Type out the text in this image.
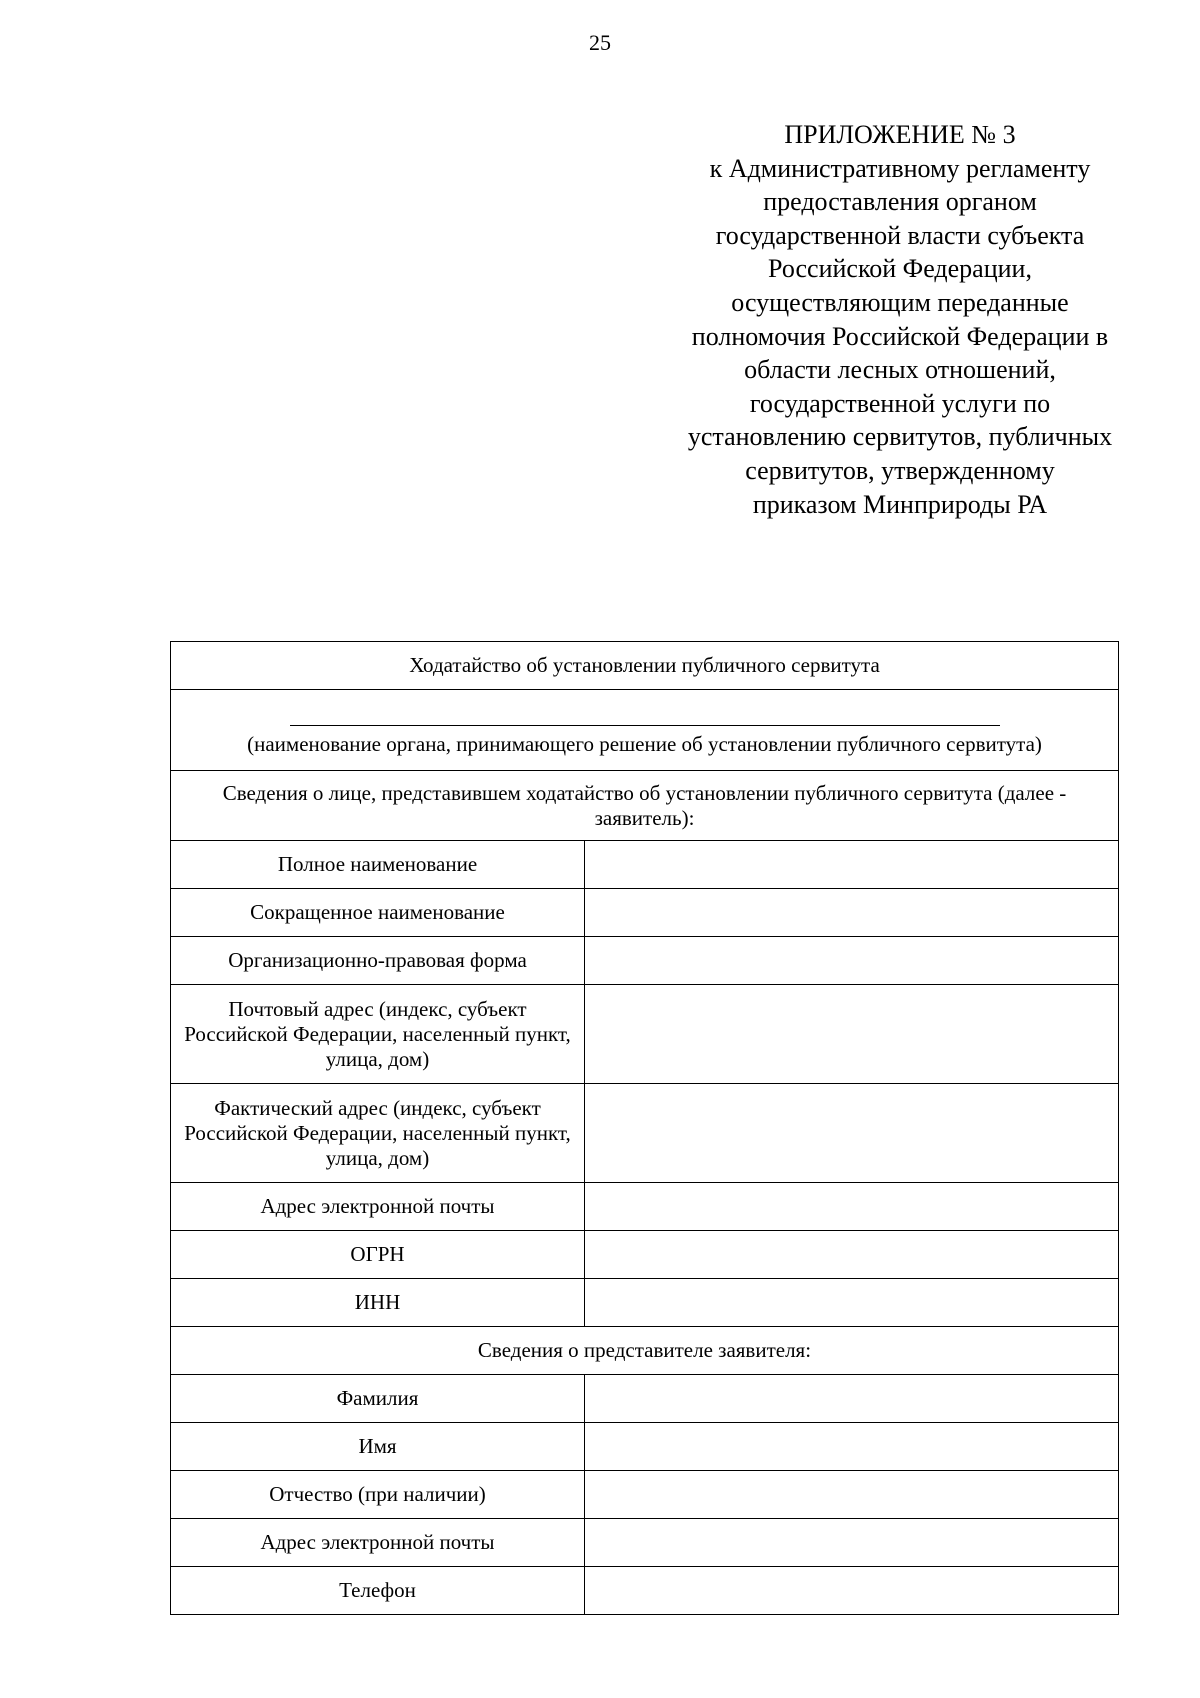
25
ПРИЛОЖЕНИЕ № 3
к Административному регламенту
предоставления органом
государственной власти субъекта
Российской Федерации,
осуществляющим переданные
полномочия Российской Федерации в
области лесных отношений,
государственной услуги по
установлению сервитутов, публичных
сервитутов, утвержденному
приказом Минприроды РА
Ходатайство об установлении публичного сервитута	

(наименование органа, принимающего решение об установлении публичного сервитута)	

Сведения о лице, представившем ходатайство об установлении публичного сервитута (далее - заявитель):	
Полное наименование	
Сокращенное наименование	
Организационно-правовая форма	
Почтовый адрес (индекс, субъект Российской Федерации, населенный пункт, улица, дом)	
Фактический адрес (индекс, субъект Российской Федерации, населенный пункт, улица, дом)	
Адрес электронной почты	
ОГРН	
ИНН	
Сведения о представителе заявителя:	
Фамилия	
Имя	
Отчество (при наличии)	
Адрес электронной почты	
Телефон	
